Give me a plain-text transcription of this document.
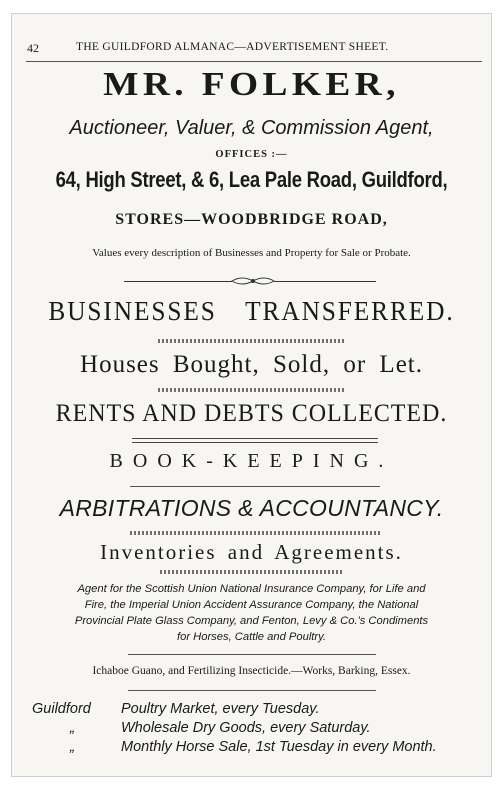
42	THE GUILDFORD ALMANAC—ADVERTISEMENT SHEET.
MR. FOLKER,
Auctioneer, Valuer, & Commission Agent,
OFFICES :—
64, High Street, & 6, Lea Pale Road, Guildford,
STORES—WOODBRIDGE ROAD,
Values every description of Businesses and Property for Sale or Probate.
BUSINESSES TRANSFERRED.
Houses Bought, Sold, or Let.
RENTS AND DEBTS COLLECTED.
BOOK-KEEPING.
ARBITRATIONS & ACCOUNTANCY.
Inventories and Agreements.
Agent for the Scottish Union National Insurance Company, for Life and
Fire, the Imperial Union Accident Assurance Company, the National
Provincial Plate Glass Company, and Fenton, Levy & Co.'s Condiments
for Horses, Cattle and Poultry.
Ichaboe Guano, and Fertilizing Insecticide.—Works, Barking, Essex.
Guildford Poultry Market, every Tuesday.
„	Wholesale Dry Goods, every Saturday.
„	Monthly Horse Sale, 1st Tuesday in every Month.
